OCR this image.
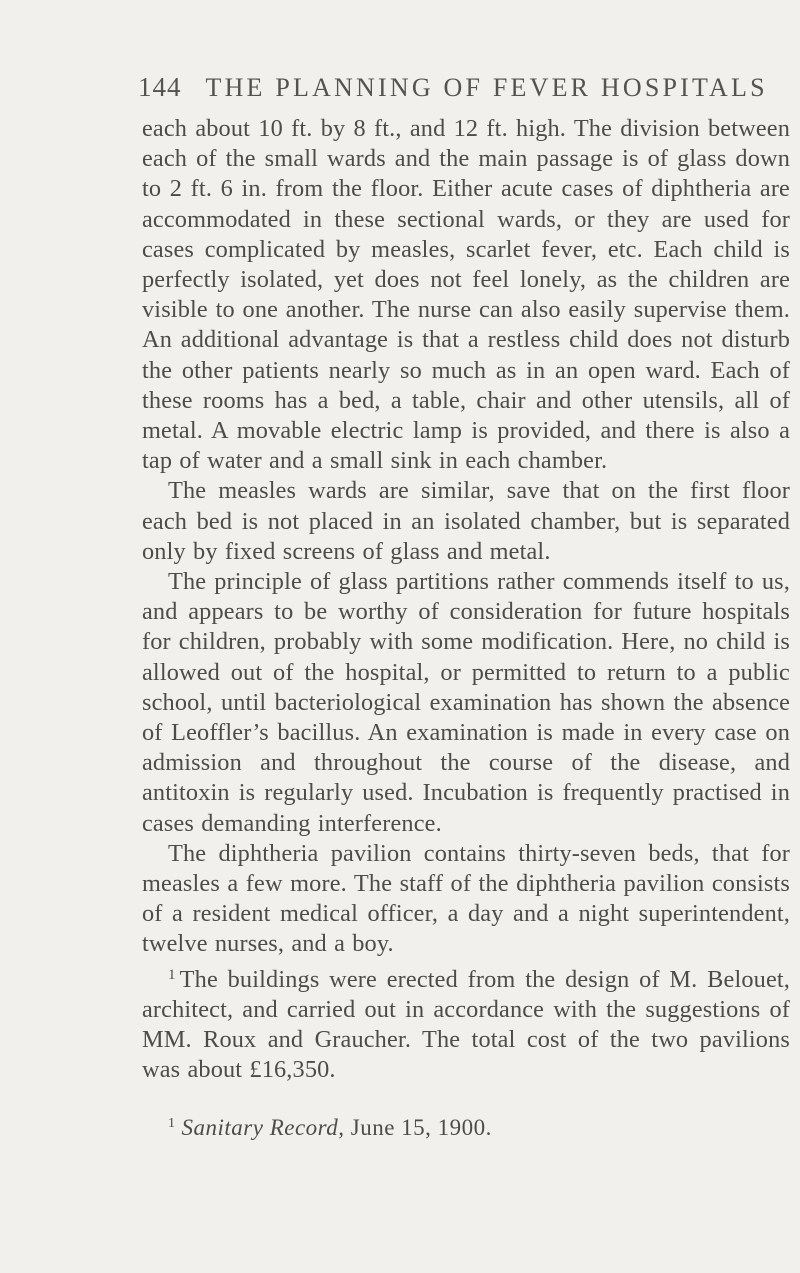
144 THE PLANNING OF FEVER HOSPITALS

each about 10 ft. by 8 ft., and 12 ft. high. The division between each of the small wards and the main passage is of glass down to 2 ft. 6 in. from the floor. Either acute cases of diphtheria are accommodated in these sectional wards, or they are used for cases complicated by measles, scarlet fever, etc. Each child is perfectly isolated, yet does not feel lonely, as the children are visible to one another. The nurse can also easily supervise them. An additional advantage is that a restless child does not disturb the other patients nearly so much as in an open ward. Each of these rooms has a bed, a table, chair and other utensils, all of metal. A movable electric lamp is provided, and there is also a tap of water and a small sink in each chamber.

The measles wards are similar, save that on the first floor each bed is not placed in an isolated chamber, but is separated only by fixed screens of glass and metal.

The principle of glass partitions rather commends itself to us, and appears to be worthy of consideration for future hospitals for children, probably with some modification. Here, no child is allowed out of the hospital, or permitted to return to a public school, until bacteriological examination has shown the absence of Leoffler’s bacillus. An examination is made in every case on admission and throughout the course of the disease, and antitoxin is regularly used. Incubation is frequently practised in cases demanding interference.

The diphtheria pavilion contains thirty-seven beds, that for measles a few more. The staff of the diphtheria pavilion consists of a resident medical officer, a day and a night superintendent, twelve nurses, and a boy.

$^1$ The buildings were erected from the design of M. Belouet, architect, and carried out in accordance with the suggestions of MM. Roux and Graucher. The total cost of the two pavilions was about £16,350.

$^1$ Sanitary Record, June 15, 1900.
